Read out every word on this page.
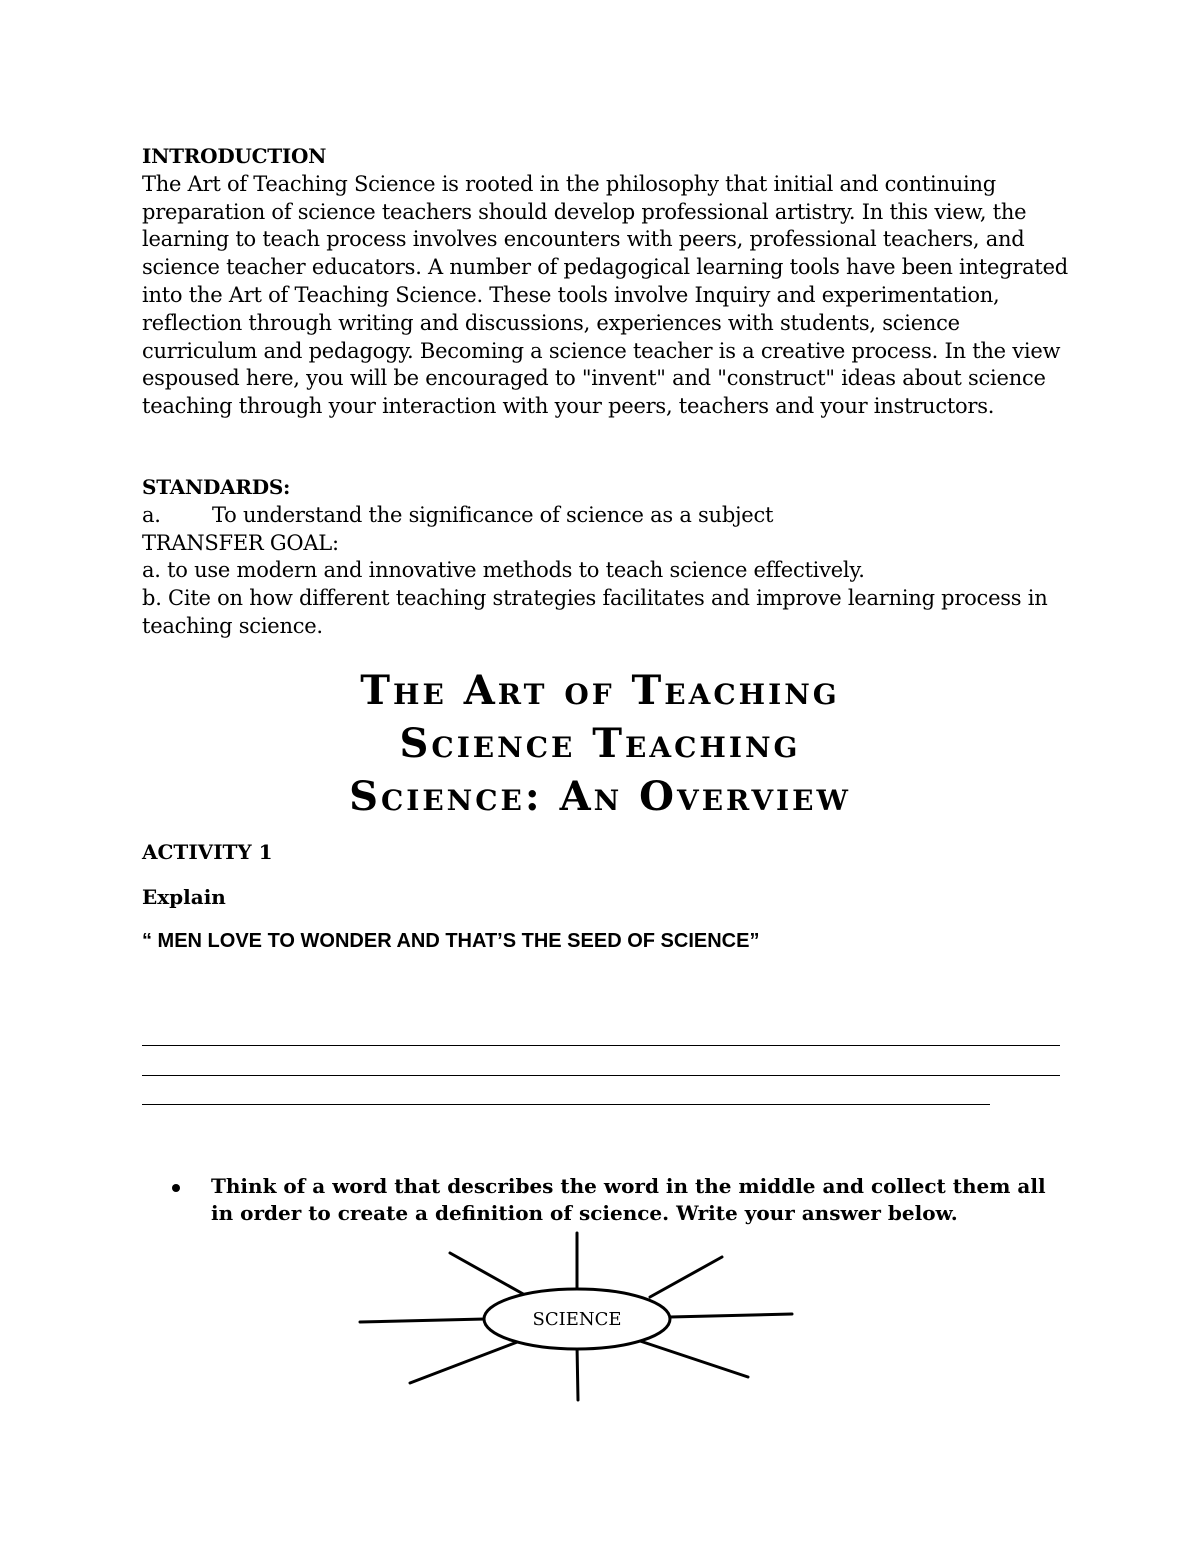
INTRODUCTION
The Art of Teaching Science is rooted in the philosophy that initial and continuing preparation of science teachers should develop professional artistry. In this view, the learning to teach process involves encounters with peers, professional teachers, and science teacher educators. A number of pedagogical learning tools have been integrated into the Art of Teaching Science. These tools involve Inquiry and experimentation, reflection through writing and discussions, experiences with students, science curriculum and pedagogy. Becoming a science teacher is a creative process. In the view espoused here, you will be encouraged to "invent" and "construct" ideas about science teaching through your interaction with your peers, teachers and your instructors.
STANDARDS:
a. To understand the significance of science as a subject
TRANSFER GOAL:
a. to use modern and innovative methods to teach science effectively.
b. Cite on how different teaching strategies facilitates and improve learning process in teaching science.
The Art of Teaching
Science Teaching
Science: An Overview
ACTIVITY 1
Explain
“ MEN LOVE TO WONDER AND THAT’S THE SEED OF SCIENCE”
Think of a word that describes the word in the middle and collect them all in order to create a definition of science. Write your answer below.
SCIENCE
